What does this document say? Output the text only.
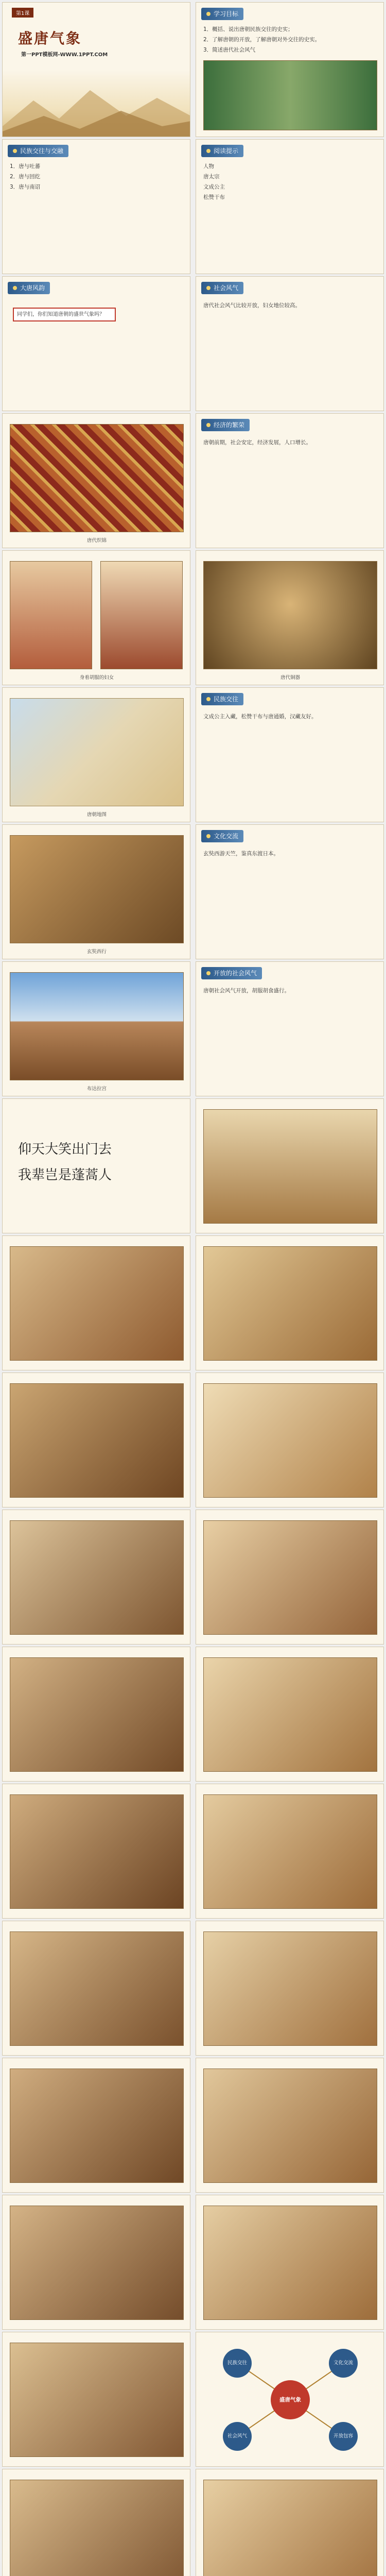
第1课
盛唐气象
第一PPT模板网-WWW.1PPT.COM
学习目标
1．概括、说出唐朝民族交往的史实；
2．了解唐朝的开放，了解唐朝对外交往的史实。
3．简述唐代社会风气
民族交往与交融
1．唐与吐蕃
2．唐与回纥
3．唐与南诏
阅读提示
人物
唐太宗
文成公主
松赞干布
大唐风韵
同学们，你们知道唐朝的盛世气象吗？
社会风气
唐代社会风气比较开放，妇女地位较高。
唐代织锦
经济的繁荣
唐朝前期，社会安定，经济发展，人口增长。
身着胡服的妇女	唐代铜器
唐朝地图
民族交往
文成公主入藏，松赞干布与唐通婚，汉藏友好。
玄奘西行
文化交流
玄奘西游天竺，鉴真东渡日本。
布达拉宫
开放的社会风气
唐朝社会风气开放，胡服胡食盛行。
仰天大笑出门去
我辈岂是蓬蒿人
盛唐气象
民族交往	文化交流
社会风气	开放包容
